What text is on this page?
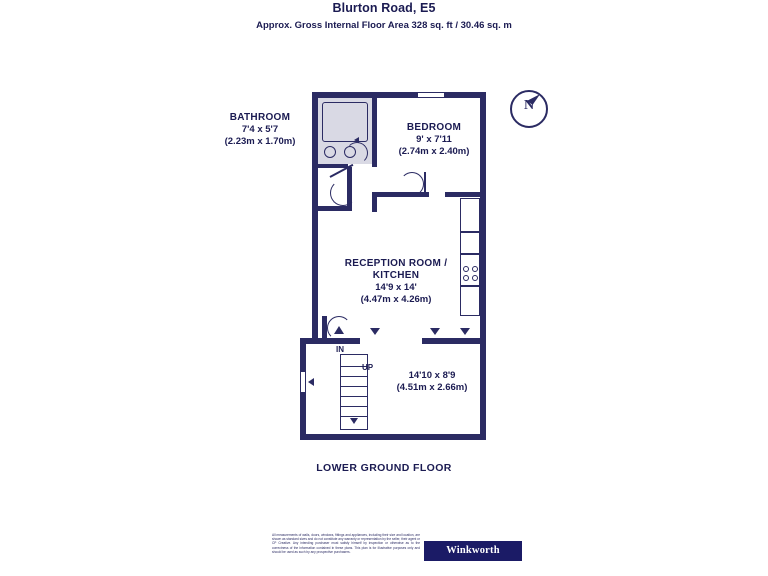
Blurton Road, E5
Approx. Gross Internal Floor Area 328 sq. ft / 30.46 sq. m
N
BATHROOM
7'4 x 5'7
(2.23m x 1.70m)
BEDROOM
9' x 7'11
(2.74m x 2.40m)
RECEPTION ROOM /
KITCHEN
14'9 x 14'
(4.47m x 4.26m)
14'10 x 8'9
(4.51m x 2.66m)
IN
UP
LOWER GROUND FLOOR
All measurements of walls, doors, windows, fittings and appliances, including their size and location, are shown as standard sizes and do not constitute any warranty or representation by the seller, their agent or CP Creative. Any intending purchaser must satisfy himself by inspection or otherwise as to the correctness of the information contained in these plans. This plan is for illustrative purposes only and should be used as such by any prospective purchasers.	Winkworth
